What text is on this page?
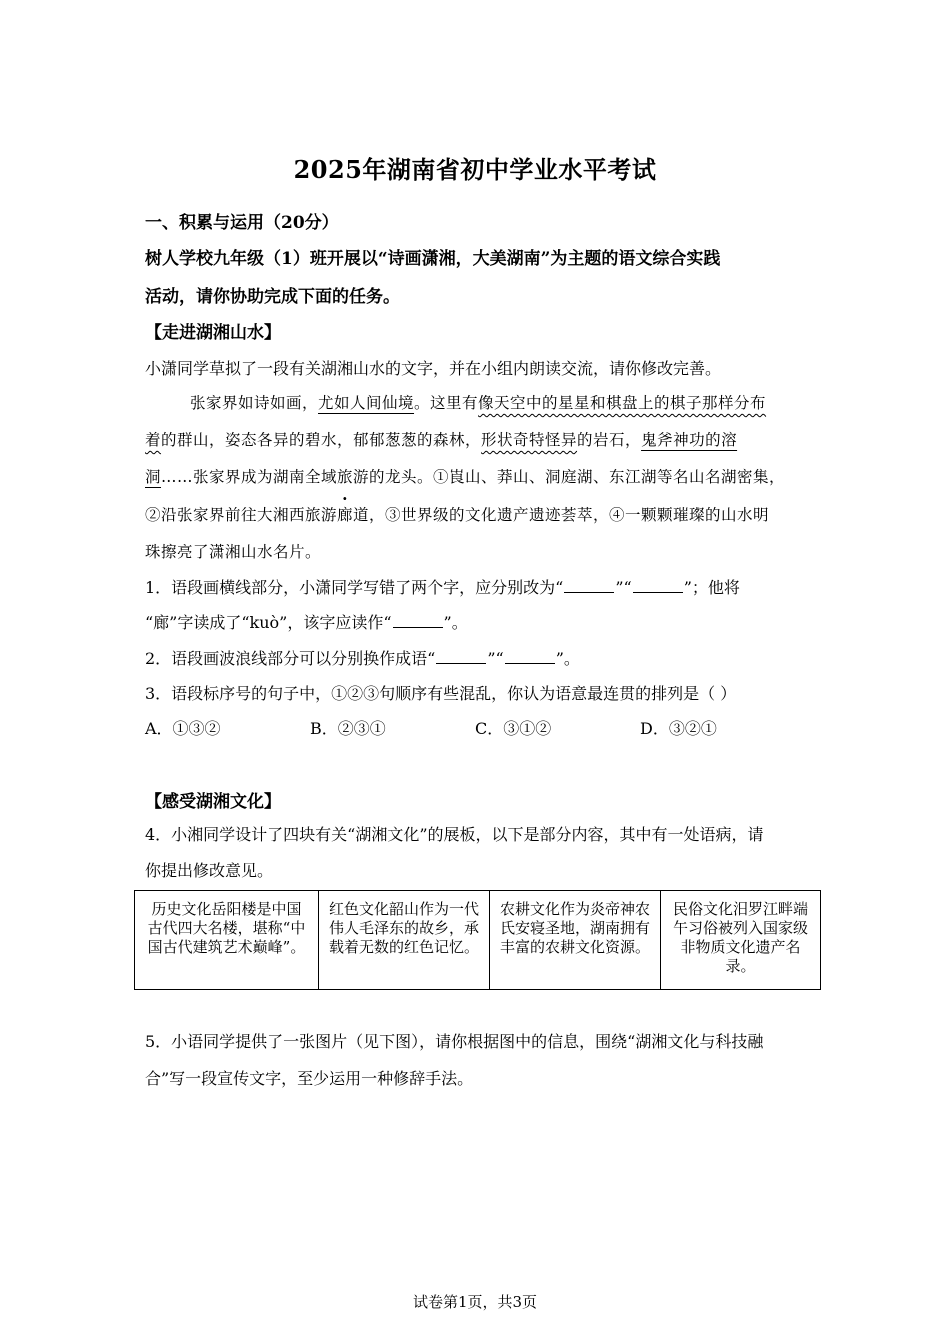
2025年湖南省初中学业水平考试
一、积累与运用（20分）
树人学校九年级（1）班开展以“诗画潇湘，大美湖南”为主题的语文综合实践
活动，请你协助完成下面的任务。
【走进湖湘山水】
小潇同学草拟了一段有关湖湘山水的文字，并在小组内朗读交流，请你修改完善。
张家界如诗如画，尤如人间仙境。这里有像天空中的星星和棋盘上的棋子那样分布
着的群山，姿态各异的碧水，郁郁葱葱的森林，形状奇特怪异的岩石，鬼斧神功的溶
洞……张家界成为湖南全域旅游的龙头。①崀山、莽山、洞庭湖、东江湖等名山名湖密集，
②沿张家界前往大湘西旅游廊道，③世界级的文化遗产遗迹荟萃，④一颗颗璀璨的山水明
珠擦亮了潇湘山水名片。
1．语段画横线部分，小潇同学写错了两个字，应分别改为“	”“	”；他将
“廊”字读成了“kuò”，该字应读作“	”。
2．语段画波浪线部分可以分别换作成语“	”“	”。
3．语段标序号的句子中，①②③句顺序有些混乱，你认为语意最连贯的排列是（ ）
A．①③②	B．②③①	C．③①②	D．③②①
【感受湖湘文化】
4．小湘同学设计了四块有关“湖湘文化”的展板，以下是部分内容，其中有一处语病，请
你提出修改意见。
历史文化岳阳楼是中国古代四大名楼，堪称“中国古代建筑艺术巅峰”。	红色文化韶山作为一代伟人毛泽东的故乡，承载着无数的红色记忆。	农耕文化作为炎帝神农氏安寝圣地，湖南拥有丰富的农耕文化资源。	民俗文化汨罗江畔端午习俗被列入国家级非物质文化遗产名录。
5．小语同学提供了一张图片（见下图），请你根据图中的信息，围绕“湖湘文化与科技融
合”写一段宣传文字，至少运用一种修辞手法。
试卷第1页，共3页
